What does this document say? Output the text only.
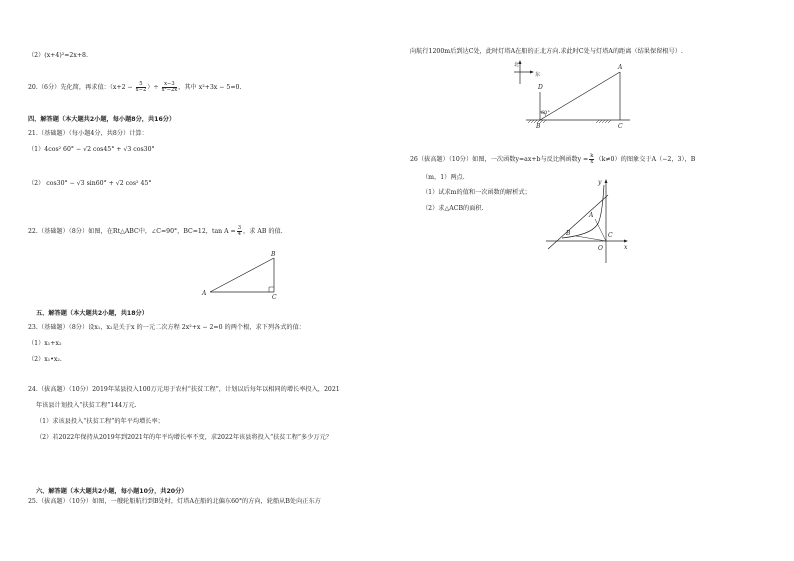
（2）(x+4)²=2x+8.
20.（6分）先化简，再求值：（$x+2 - \frac{5}{x-2}$ ）÷ $\frac{x-3}{\text{x²−2x}}$ ，其中 x²+3x − 5=0.
四、解答题（本大题共2小题，每小题8分，共16分）
21.（基础题）（每小题4分，共8分）计算：
（1）4cos² 60° − √2 cos45° + √3 cos30°
（2） cos30° − √3 sin60° + √2 cos² 45°
22.（基础题）（8分）如图，在Rt△ABC中，∠C=90°，BC=12，$\tan A = \frac{3}{4}$ ，求 AB 的值.
A
B
C
五、解答题（本大题共2小题，共18分）
23.（基础题）（8分）设x₁，x₂是关于x 的一元二次方程 2x²+x − 2=0 的两个根，求下列各式的值：
（1）x₁+x₂
（2）x₁•x₂.
24.（拔高题）（10分）2019年某县投入100万元用于农村“扶贫工程”，计划以后每年以相同的增长率投入，2021
年该县计划投入“扶贫工程”144万元.
（1）求该县投入“扶贫工程”的年平均增长率；
（2）若2022年保持从2019年到2021年的年平均增长率不变，求2022年该县将投入“扶贫工程”多少万元？
六、解答题（本大题共2小题，每小题10分，共20分）
25.（拔高题）（10分）如图，一艘轮船航行到B处时，灯塔A在船的北偏东60°的方向，轮船从B处向正东方
向航行1200m后到达C处，此时灯塔A在船的正北方向.求此时C处与灯塔A的距离（结果保留根号）.
北
东
A
B	C
D
60°
26（拔高题）（10分）如图，一次函数y=ax+b与反比例函数$y = \frac{k}{x} (k\ne 0)$的图象交于A（−2，3），B
（m，1）两点.
（1）试求m的值和一次函数的解析式；
（2）求△ACB的面积.
y
x
O
A
B	C
